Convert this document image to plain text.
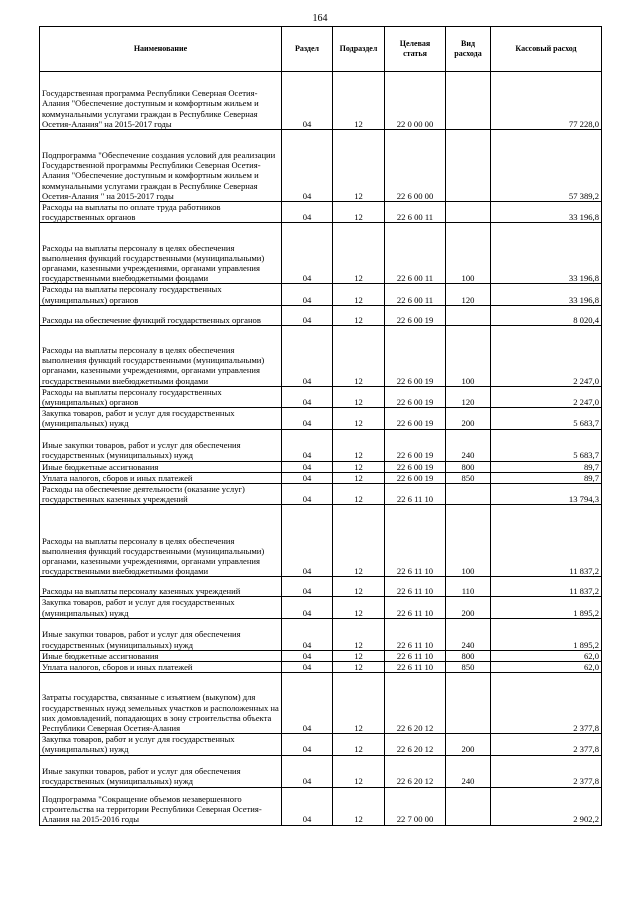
164
Наименование	Раздел	Подраздел	Целевая статья	Вид расхода	Кассовый расход
Государственная программа Республики Северная Осетия-Алания "Обеспечение доступным и комфортным жильем и коммунальными услугами граждан в Республике Северная Осетия-Алания" на 2015-2017 годы	04	12	22 0 00 00		77 228,0
Подпрограмма "Обеспечение создания условий для реализации Государственной программы Республики Северная Осетия-Алания "Обеспечение доступным и комфортным жильем и коммунальными услугами граждан в Республике Северная Осетия-Алания " на 2015-2017 годы	04	12	22 6 00 00		57 389,2
Расходы на выплаты по оплате труда работников государственных органов	04	12	22 6 00 11		33 196,8
Расходы на выплаты персоналу в целях обеспечения выполнения функций государственными (муниципальными) органами, казенными учреждениями, органами управления государственными внебюджетными фондами	04	12	22 6 00 11	100	33 196,8
Расходы на выплаты персоналу государственных (муниципальных) органов	04	12	22 6 00 11	120	33 196,8
Расходы на обеспечение функций государственных органов	04	12	22 6 00 19		8 020,4
Расходы на выплаты персоналу в целях обеспечения выполнения функций государственными (муниципальными) органами, казенными учреждениями, органами управления государственными внебюджетными фондами	04	12	22 6 00 19	100	2 247,0
Расходы на выплаты персоналу государственных (муниципальных) органов	04	12	22 6 00 19	120	2 247,0
Закупка товаров, работ и услуг для государственных (муниципальных) нужд	04	12	22 6 00 19	200	5 683,7
Иные закупки товаров, работ и услуг для обеспечения государственных (муниципальных) нужд	04	12	22 6 00 19	240	5 683,7
Иные бюджетные ассигнования	04	12	22 6 00 19	800	89,7
Уплата налогов, сборов и иных платежей	04	12	22 6 00 19	850	89,7
Расходы на обеспечение деятельности (оказание услуг) государственных казенных учреждений	04	12	22 6 11 10		13 794,3
Расходы на выплаты персоналу в целях обеспечения выполнения функций государственными (муниципальными) органами, казенными учреждениями, органами управления государственными внебюджетными фондами	04	12	22 6 11 10	100	11 837,2
Расходы на выплаты персоналу казенных учреждений	04	12	22 6 11 10	110	11 837,2
Закупка товаров, работ и услуг для государственных (муниципальных) нужд	04	12	22 6 11 10	200	1 895,2
Иные закупки товаров, работ и услуг для обеспечения государственных (муниципальных) нужд	04	12	22 6 11 10	240	1 895,2
Иные бюджетные ассигнования	04	12	22 6 11 10	800	62,0
Уплата налогов, сборов и иных платежей	04	12	22 6 11 10	850	62,0
Затраты государства, связанные с изъятием (выкупом) для государственных нужд земельных участков и расположенных на них домовладений, попадающих в зону строительства объекта Республики Северная Осетия-Алания	04	12	22 6 20 12		2 377,8
Закупка товаров, работ и услуг для государственных (муниципальных) нужд	04	12	22 6 20 12	200	2 377,8
Иные закупки товаров, работ и услуг для обеспечения государственных (муниципальных) нужд	04	12	22 6 20 12	240	2 377,8
Подпрограмма "Сокращение объемов незавершенного строительства на территории Республики Северная Осетия-Алания на 2015-2016 годы	04	12	22 7 00 00		2 902,2
